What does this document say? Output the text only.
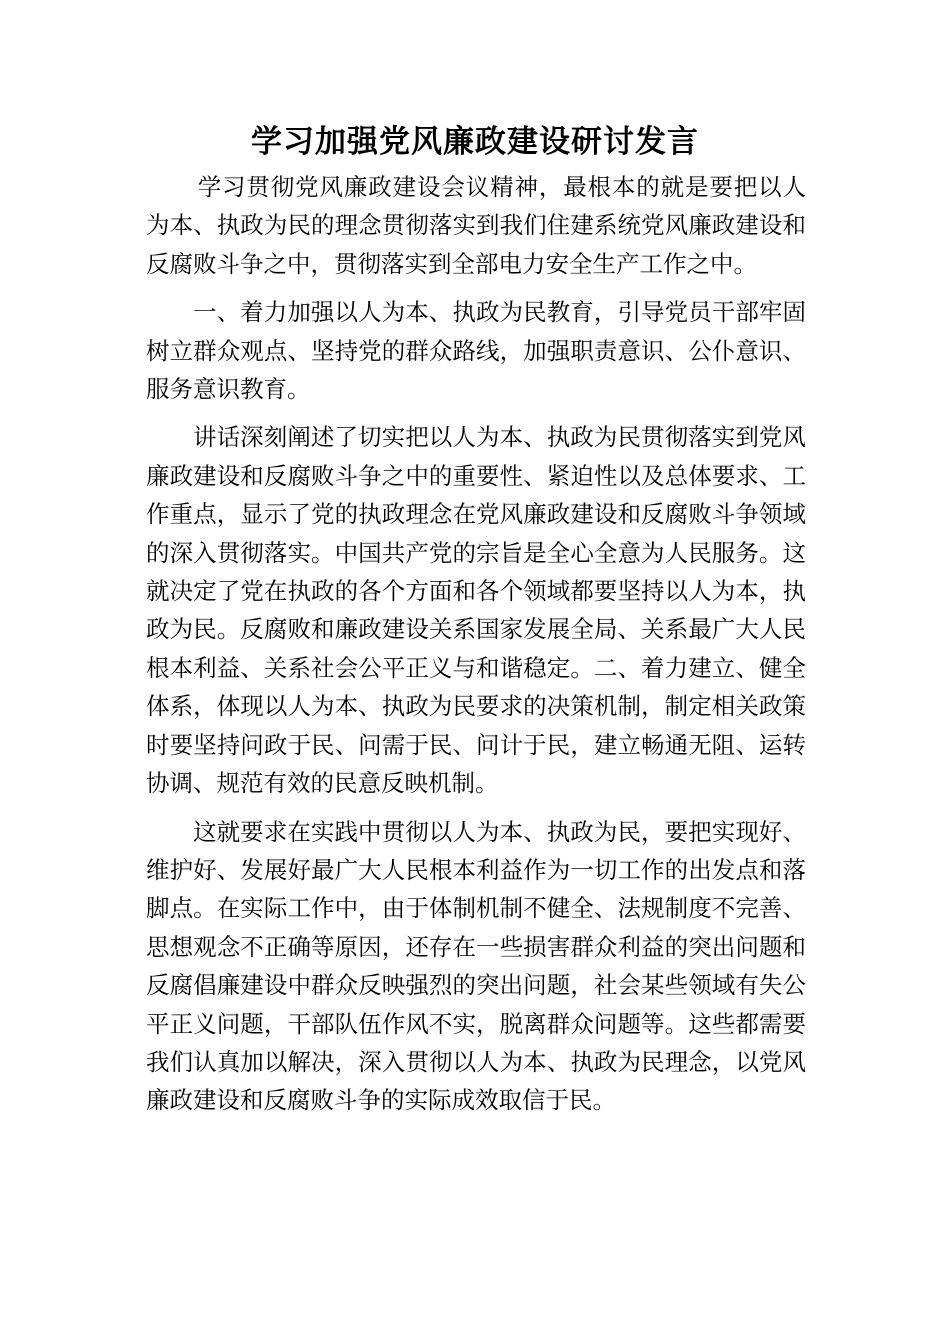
学习加强党风廉政建设研讨发言

学习贯彻党风廉政建设会议精神，最根本的就是要把以人为本、执政为民的理念贯彻落实到我们住建系统党风廉政建设和反腐败斗争之中，贯彻落实到全部电力安全生产工作之中。

一、着力加强以人为本、执政为民教育，引导党员干部牢固树立群众观点、坚持党的群众路线，加强职责意识、公仆意识、服务意识教育。

讲话深刻阐述了切实把以人为本、执政为民贯彻落实到党风廉政建设和反腐败斗争之中的重要性、紧迫性以及总体要求、工作重点，显示了党的执政理念在党风廉政建设和反腐败斗争领域的深入贯彻落实。中国共产党的宗旨是全心全意为人民服务。这就决定了党在执政的各个方面和各个领域都要坚持以人为本，执政为民。反腐败和廉政建设关系国家发展全局、关系最广大人民根本利益、关系社会公平正义与和谐稳定。二、着力建立、健全体系，体现以人为本、执政为民要求的决策机制，制定相关政策时要坚持问政于民、问需于民、问计于民，建立畅通无阻、运转协调、规范有效的民意反映机制。

这就要求在实践中贯彻以人为本、执政为民，要把实现好、维护好、发展好最广大人民根本利益作为一切工作的出发点和落脚点。在实际工作中，由于体制机制不健全、法规制度不完善、思想观念不正确等原因，还存在一些损害群众利益的突出问题和反腐倡廉建设中群众反映强烈的突出问题，社会某些领域有失公平正义问题，干部队伍作风不实，脱离群众问题等。这些都需要我们认真加以解决，深入贯彻以人为本、执政为民理念，以党风廉政建设和反腐败斗争的实际成效取信于民。
